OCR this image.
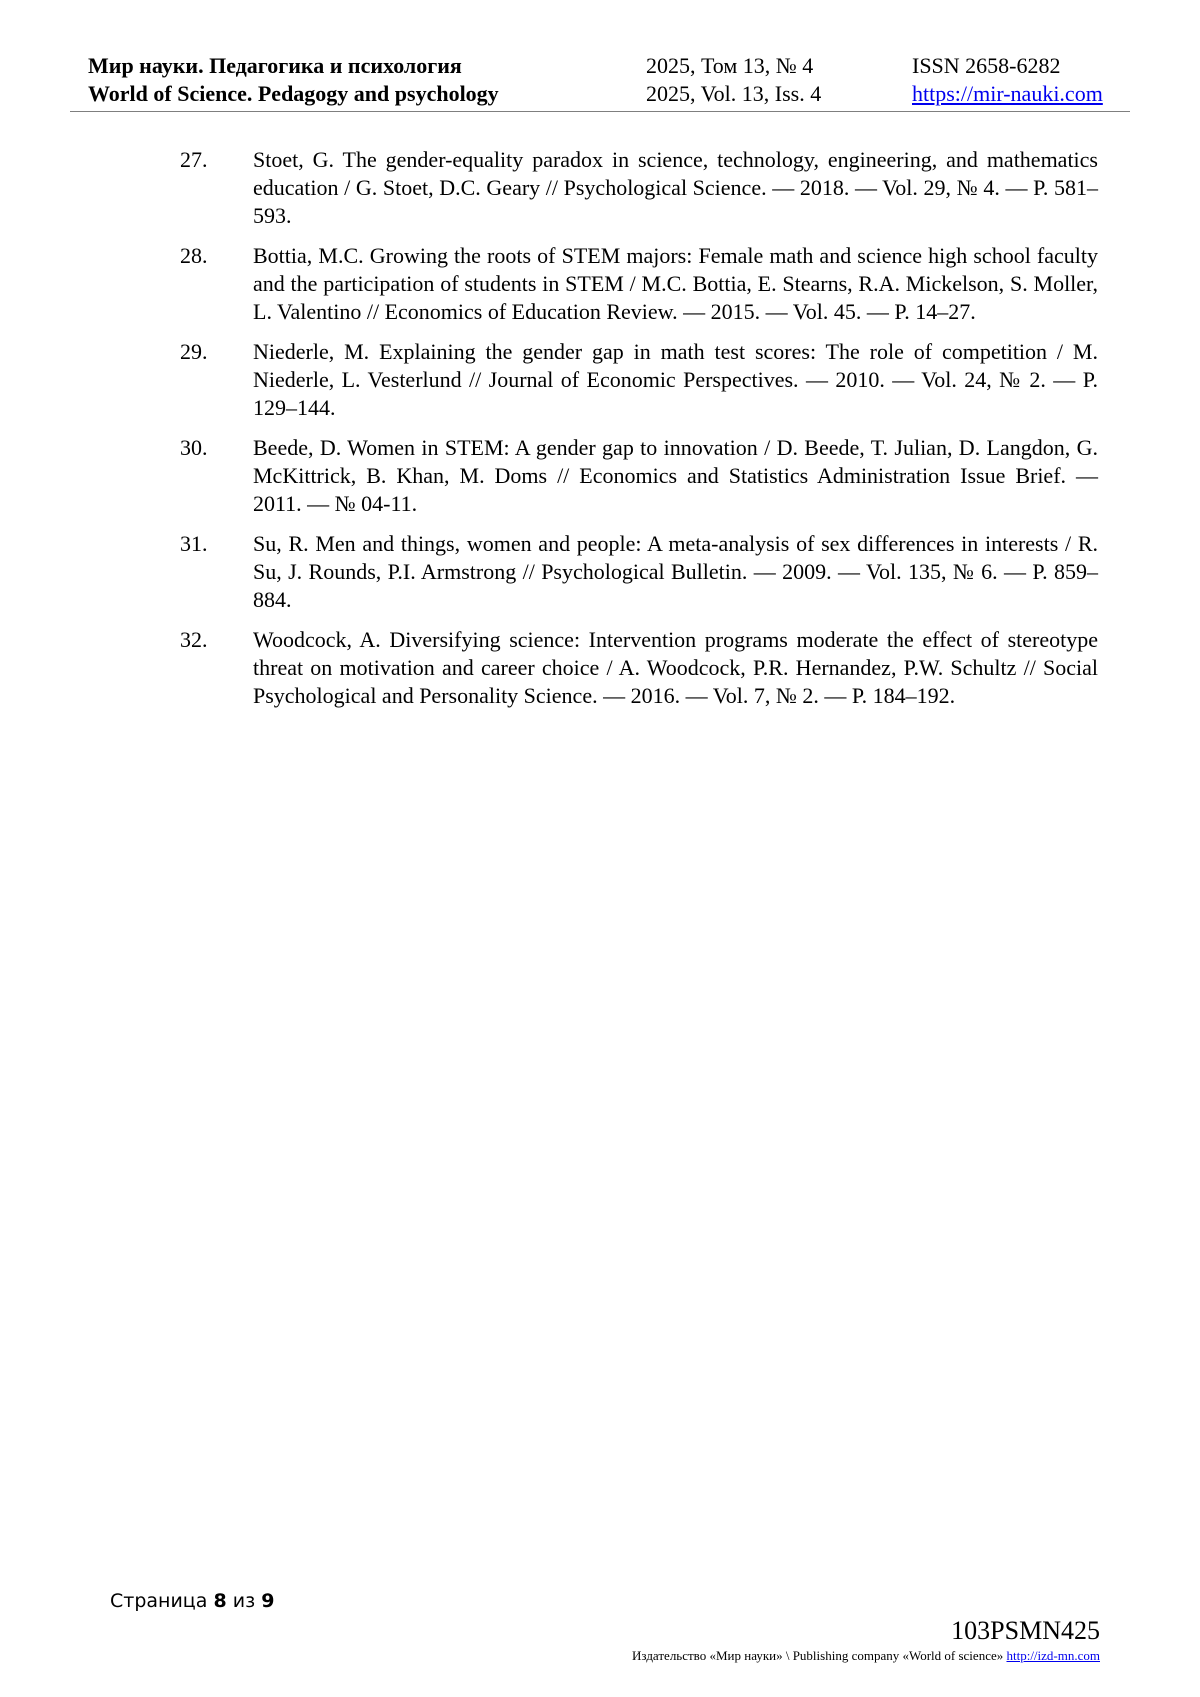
Мир науки. Педагогика и психология
World of Science. Pedagogy and psychology
2025, Том 13, № 4
2025, Vol. 13, Iss. 4
ISSN 2658-6282
https://mir-nauki.com
27. Stoet, G. The gender-equality paradox in science, technology, engineering, and mathematics education / G. Stoet, D.C. Geary // Psychological Science. — 2018. — Vol. 29, № 4. — P. 581–593.
28. Bottia, M.C. Growing the roots of STEM majors: Female math and science high school faculty and the participation of students in STEM / M.C. Bottia, E. Stearns, R.A. Mickelson, S. Moller, L. Valentino // Economics of Education Review. — 2015. — Vol. 45. — P. 14–27.
29. Niederle, M. Explaining the gender gap in math test scores: The role of competition / M. Niederle, L. Vesterlund // Journal of Economic Perspectives. — 2010. — Vol. 24, № 2. — P. 129–144.
30. Beede, D. Women in STEM: A gender gap to innovation / D. Beede, T. Julian, D. Langdon, G. McKittrick, B. Khan, M. Doms // Economics and Statistics Administration Issue Brief. — 2011. — № 04-11.
31. Su, R. Men and things, women and people: A meta-analysis of sex differences in interests / R. Su, J. Rounds, P.I. Armstrong // Psychological Bulletin. — 2009. — Vol. 135, № 6. — P. 859–884.
32. Woodcock, A. Diversifying science: Intervention programs moderate the effect of stereotype threat on motivation and career choice / A. Woodcock, P.R. Hernandez, P.W. Schultz // Social Psychological and Personality Science. — 2016. — Vol. 7, № 2. — P. 184–192.
Страница 8 из 9
103PSMN425
Издательство «Мир науки» \ Publishing company «World of science» http://izd-mn.com
